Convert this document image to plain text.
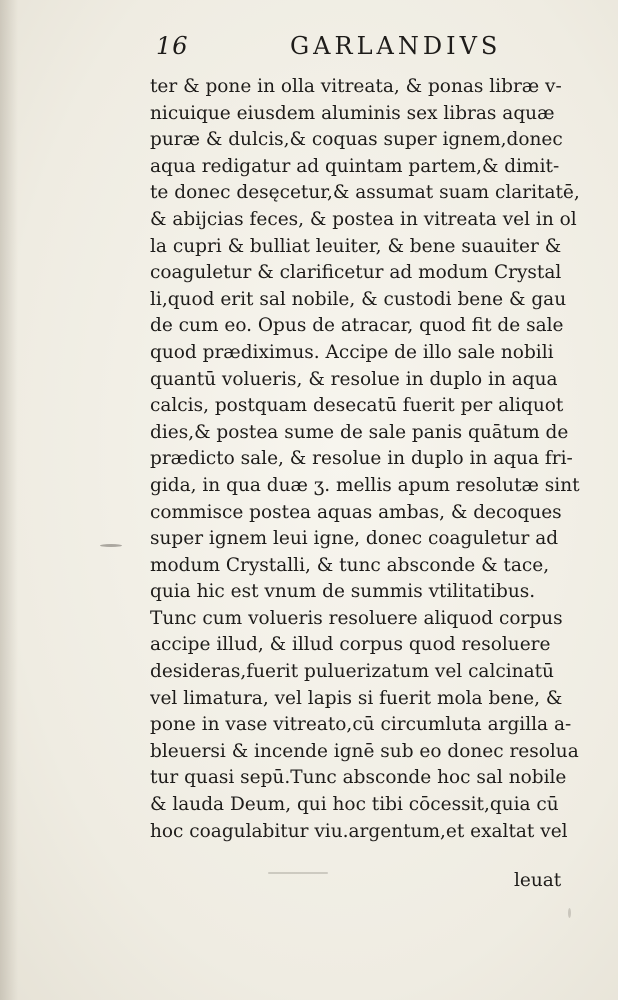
16	GARLANDIVS
ter & pone in olla vitreata, & ponas libræ v-
nicuique eiusdem aluminis sex libras aquæ
puræ & dulcis,& coquas super ignem,donec
aqua redigatur ad quintam partem,& dimit-
te donec desęcetur,& assumat suam claritatē,
& abijcias feces, & postea in vitreata vel in ol
la cupri & bulliat leuiter, & bene suauiter &
coaguletur & clarificetur ad modum Crystal
li,quod erit sal nobile, & custodi bene & gau
de cum eo. Opus de atracar, quod fit de sale
quod prædiximus. Accipe de illo sale nobili
quantū volueris, & resolue in duplo in aqua
calcis, postquam desecatū fuerit per aliquot
dies,& postea sume de sale panis quātum de
prædicto sale, & resolue in duplo in aqua fri-
gida, in qua duæ ʒ. mellis apum resolutæ sint
commisce postea aquas ambas, & decoques
super ignem leui igne, donec coaguletur ad
modum Crystalli, & tunc absconde & tace,
quia hic est vnum de summis vtilitatibus.
Tunc cum volueris resoluere aliquod corpus
accipe illud, & illud corpus quod resoluere
desideras,fuerit puluerizatum vel calcinatū
vel limatura, vel lapis si fuerit mola bene, &
pone in vase vitreato,cū circumluta argilla a-
bleuersi & incende ignē sub eo donec resolua
tur quasi sepū.Tunc absconde hoc sal nobile
& lauda Deum, qui hoc tibi cōcessit,quia cū
hoc coagulabitur viu.argentum,et exaltat vel
leuat
